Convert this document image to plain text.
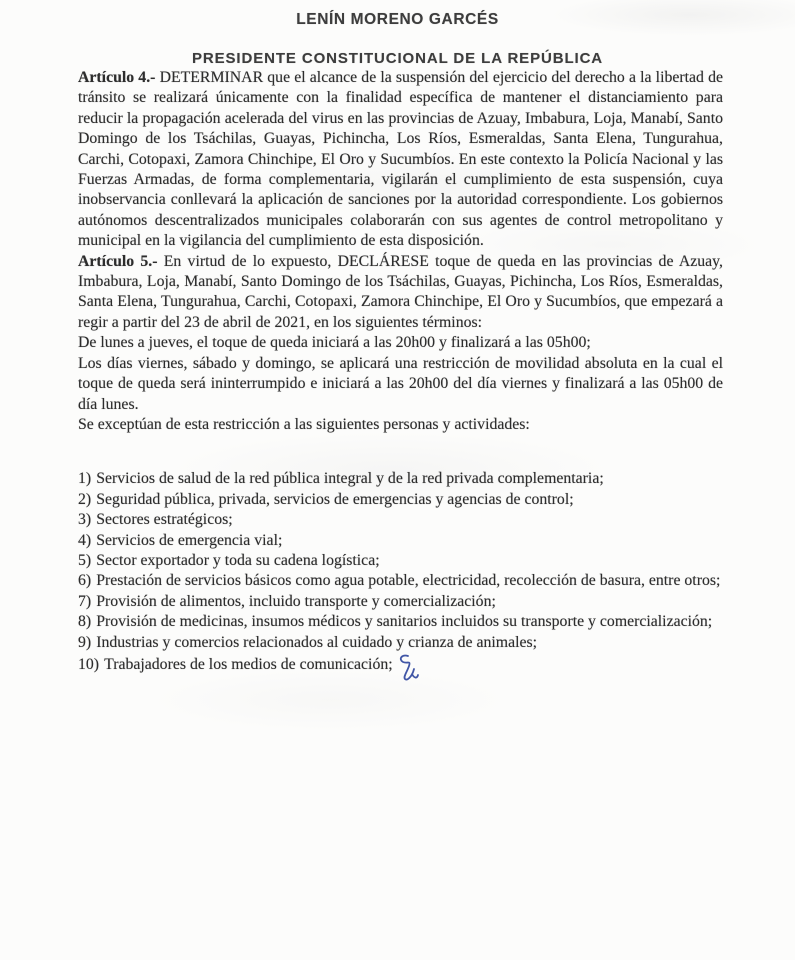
LENÍN MORENO GARCÉS
PRESIDENTE CONSTITUCIONAL DE LA REPÚBLICA

Artículo 4.- DETERMINAR que el alcance de la suspensión del ejercicio del derecho a la libertad de tránsito se realizará únicamente con la finalidad específica de mantener el distanciamiento para reducir la propagación acelerada del virus en las provincias de Azuay, Imbabura, Loja, Manabí, Santo Domingo de los Tsáchilas, Guayas, Pichincha, Los Ríos, Esmeraldas, Santa Elena, Tungurahua, Carchi, Cotopaxi, Zamora Chinchipe, El Oro y Sucumbíos. En este contexto la Policía Nacional y las Fuerzas Armadas, de forma complementaria, vigilarán el cumplimiento de esta suspensión, cuya inobservancia conllevará la aplicación de sanciones por la autoridad correspondiente. Los gobiernos autónomos descentralizados municipales colaborarán con sus agentes de control metropolitano y municipal en la vigilancia del cumplimiento de esta disposición.

Artículo 5.- En virtud de lo expuesto, DECLÁRESE toque de queda en las provincias de Azuay, Imbabura, Loja, Manabí, Santo Domingo de los Tsáchilas, Guayas, Pichincha, Los Ríos, Esmeraldas, Santa Elena, Tungurahua, Carchi, Cotopaxi, Zamora Chinchipe, El Oro y Sucumbíos, que empezará a regir a partir del 23 de abril de 2021, en los siguientes términos:

De lunes a jueves, el toque de queda iniciará a las 20h00 y finalizará a las 05h00;

Los días viernes, sábado y domingo, se aplicará una restricción de movilidad absoluta en la cual el toque de queda será ininterrumpido e iniciará a las 20h00 del día viernes y finalizará a las 05h00 de día lunes.

Se exceptúan de esta restricción a las siguientes personas y actividades:

1) Servicios de salud de la red pública integral y de la red privada complementaria;

2) Seguridad pública, privada, servicios de emergencias y agencias de control;

3) Sectores estratégicos;

4) Servicios de emergencia vial;

5) Sector exportador y toda su cadena logística;

6) Prestación de servicios básicos como agua potable, electricidad, recolección de basura, entre otros;

7) Provisión de alimentos, incluido transporte y comercialización;

8) Provisión de medicinas, insumos médicos y sanitarios incluidos su transporte y comercialización;

9) Industrias y comercios relacionados al cuidado y crianza de animales;

10) Trabajadores de los medios de comunicación;
